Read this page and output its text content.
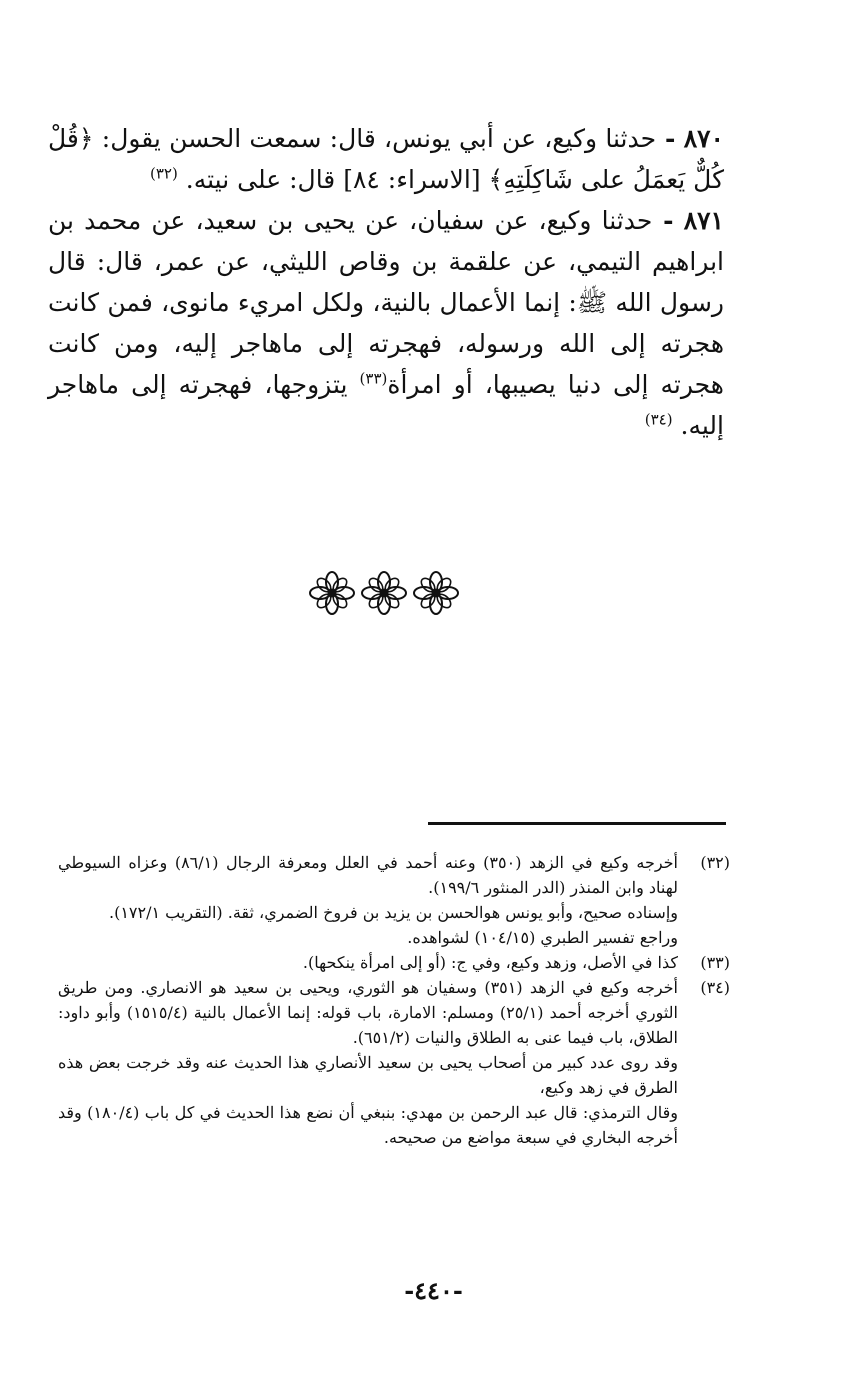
٨٧٠ - حدثنا وكيع، عن أبي يونس، قال: سمعت الحسن يقول: ﴿قُلْ كُلٌّ يَعمَلُ على شَاكِلَتِهِ﴾ [الاسراء: ٨٤] قال: على نيته. $^{(٣٢)}$

٨٧١ - حدثنا وكيع، عن سفيان، عن يحيى بن سعيد، عن محمد بن ابراهيم التيمي، عن علقمة بن وقاص الليثي، عن عمر، قال: قال رسول الله ﷺ: إنما الأعمال بالنية، ولكل امريء مانوى، فمن كانت هجرته إلى الله ورسوله، فهجرته إلى ماهاجر إليه، ومن كانت هجرته إلى دنيا يصيبها، أو امرأة$^{(٣٣)}$ يتزوجها، فهجرته إلى ماهاجر إليه. $^{(٣٤)}$

(٣٢)
أخرجه وكيع في الزهد (٣٥٠) وعنه أحمد في العلل ومعرفة الرجال (٨٦/١) وعزاه السيوطي لهناد وابن المنذر (الدر المنثور ١٩٩/٦).
وإسناده صحيح، وأبو يونس هوالحسن بن يزيد بن فروخ الضمري، ثقة. (التقريب ١٧٢/١).
وراجع تفسير الطبري (١٠٤/١٥) لشواهده.
(٣٣)
كذا في الأصل، وزهد وكيع، وفي ج: (أو إلى امرأة ينكحها).
(٣٤)
أخرجه وكيع في الزهد (٣٥١) وسفيان هو الثوري، ويحيى بن سعيد هو الانصاري. ومن طريق الثوري أخرجه أحمد (٢٥/١) ومسلم: الامارة، باب قوله: إنما الأعمال بالنية (١٥١٥/٤) وأبو داود: الطلاق، باب فيما عنى به الطلاق والنيات (٦٥١/٢).
وقد روى عدد كبير من أصحاب يحيى بن سعيد الأنصاري هذا الحديث عنه وقد خرجت بعض هذه الطرق في زهد وكيع،
وقال الترمذي: قال عبد الرحمن بن مهدي: بنبغي أن نضع هذا الحديث في كل باب (١٨٠/٤) وقد أخرجه البخاري في سبعة مواضع من صحيحه.
-٤٤٠-
